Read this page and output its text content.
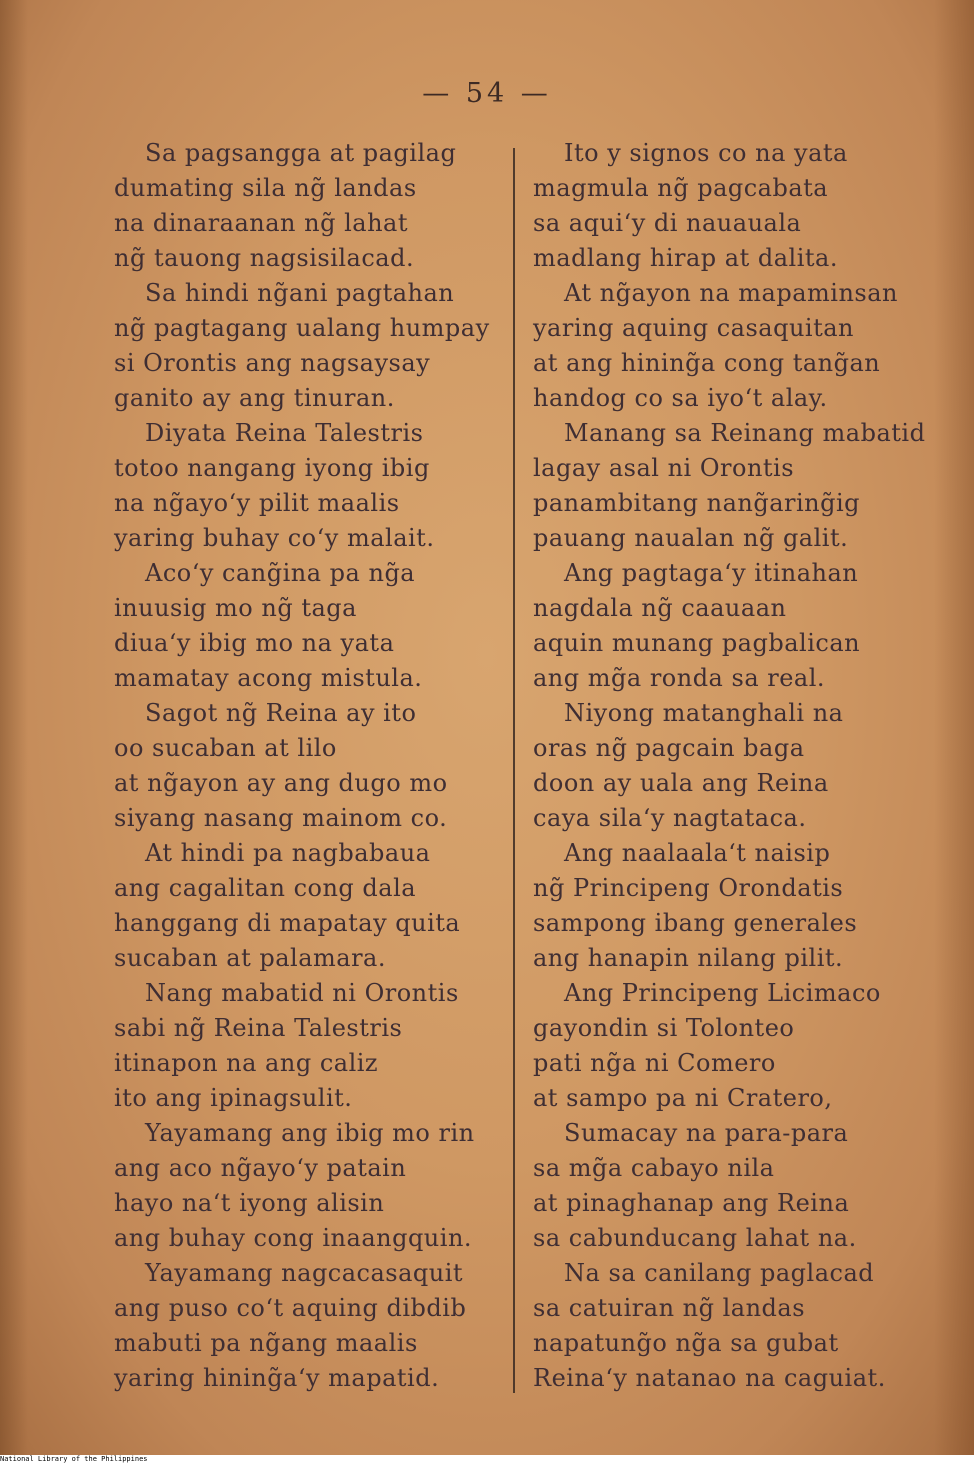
— 54 —
Sa pagsangga at pagilag
dumating sila ng̃ landas
na dinaraanan ng̃ lahat
ng̃ tauong nagsisilacad.
Sa hindi ng̃ani pagtahan
ng̃ pagtagang ualang humpay
si Orontis ang nagsaysay
ganito ay ang tinuran.
Diyata Reina Talestris
totoo nangang iyong ibig
na ng̃ayo‘y pilit maalis
yaring buhay co‘y malait.
Aco‘y cang̃ina pa ng̃a
inuusig mo ng̃ taga
diua‘y ibig mo na yata
mamatay acong mistula.
Sagot ng̃ Reina ay ito
oo sucaban at lilo
at ng̃ayon ay ang dugo mo
siyang nasang mainom co.
At hindi pa nagbabaua
ang cagalitan cong dala
hanggang di mapatay quita
sucaban at palamara.
Nang mabatid ni Orontis
sabi ng̃ Reina Talestris
itinapon na ang caliz
ito ang ipinagsulit.
Yayamang ang ibig mo rin
ang aco ng̃ayo‘y patain
hayo na‘t iyong alisin
ang buhay cong inaangquin.
Yayamang nagcacasaquit
ang puso co‘t aquing dibdib
mabuti pa ng̃ang maalis
yaring hining̃a‘y mapatid.
Ito y signos co na yata
magmula ng̃ pagcabata
sa aqui‘y di nauauala
madlang hirap at dalita.
At ng̃ayon na mapaminsan
yaring aquing casaquitan
at ang hining̃a cong tang̃an
handog co sa iyo‘t alay.
Manang sa Reinang mabatid
lagay asal ni Orontis
panambitang nang̃aring̃ig
pauang naualan ng̃ galit.
Ang pagtaga‘y itinahan
nagdala ng̃ caauaan
aquin munang pagbalican
ang mg̃a ronda sa real.
Niyong matanghali na
oras ng̃ pagcain baga
doon ay uala ang Reina
caya sila‘y nagtataca.
Ang naalaala‘t naisip
ng̃ Principeng Orondatis
sampong ibang generales
ang hanapin nilang pilit.
Ang Principeng Licimaco
gayondin si Tolonteo
pati ng̃a ni Comero
at sampo pa ni Cratero,
Sumacay na para-para
sa mg̃a cabayo nila
at pinaghanap ang Reina
sa cabunducang lahat na.
Na sa canilang paglacad
sa catuiran ng̃ landas
napatung̃o ng̃a sa gubat
Reina‘y natanao na caguiat.
National Library of the Philippines
